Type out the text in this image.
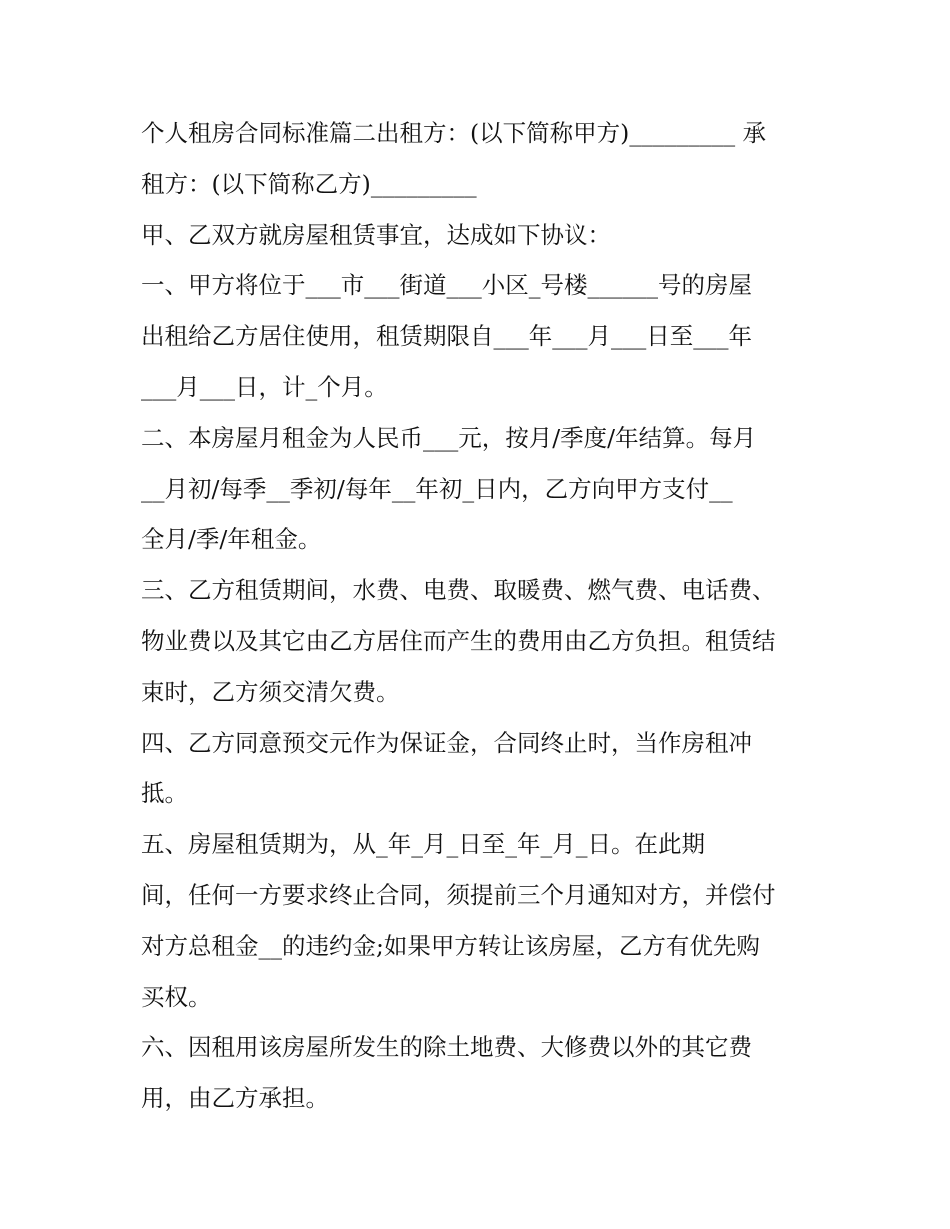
个人租房合同标准篇二出租方：(以下简称甲方)_________ 承
租方：(以下简称乙方)_________
甲、乙双方就房屋租赁事宜，达成如下协议：
一、甲方将位于___市___街道___小区_号楼______号的房屋
出租给乙方居住使用，租赁期限自___年___月___日至___年
___月___日，计_个月。
二、本房屋月租金为人民币___元，按月/季度/年结算。每月
__月初/每季__季初/每年__年初_日内，乙方向甲方支付__
全月/季/年租金。
三、乙方租赁期间，水费、电费、取暖费、燃气费、电话费、
物业费以及其它由乙方居住而产生的费用由乙方负担。租赁结
束时，乙方须交清欠费。
四、乙方同意预交元作为保证金，合同终止时，当作房租冲
抵。
五、房屋租赁期为，从_年_月_日至_年_月_日。在此期
间，任何一方要求终止合同，须提前三个月通知对方，并偿付
对方总租金__的违约金;如果甲方转让该房屋，乙方有优先购
买权。
六、因租用该房屋所发生的除土地费、大修费以外的其它费
用，由乙方承担。
